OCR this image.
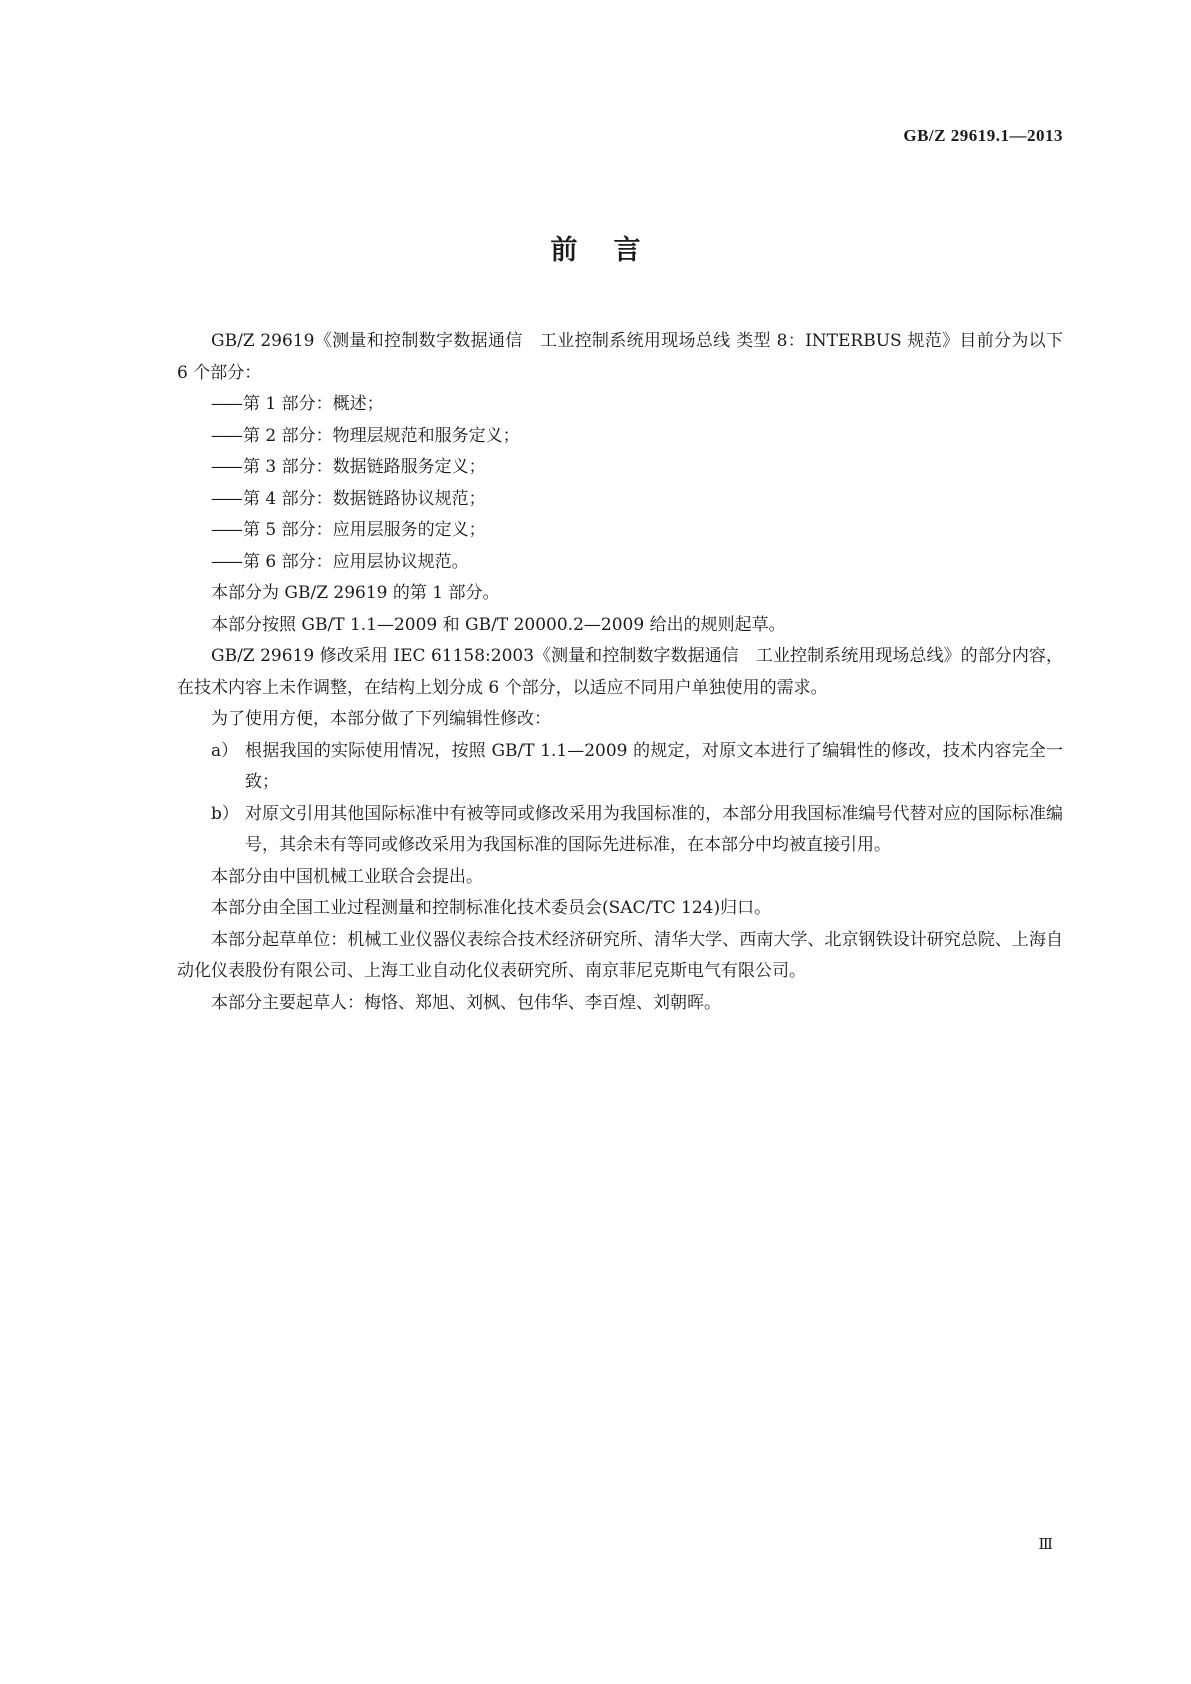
GB/Z 29619.1—2013
前言

GB/Z 29619《测量和控制数字数据通信　工业控制系统用现场总线 类型 8：INTERBUS 规范》目前分为以下 6 个部分：

—— 第 1 部分：概述；

—— 第 2 部分：物理层规范和服务定义；

—— 第 3 部分：数据链路服务定义；

—— 第 4 部分：数据链路协议规范；

—— 第 5 部分：应用层服务的定义；

—— 第 6 部分：应用层协议规范。

本部分为 GB/Z 29619 的第 1 部分。

本部分按照 GB/T 1.1—2009 和 GB/T 20000.2—2009 给出的规则起草。

GB/Z 29619 修改采用 IEC 61158:2003《测量和控制数字数据通信　工业控制系统用现场总线》的部分内容，在技术内容上未作调整，在结构上划分成 6 个部分，以适应不同用户单独使用的需求。

为了使用方便，本部分做了下列编辑性修改：

a） 根据我国的实际使用情况，按照 GB/T 1.1—2009 的规定，对原文本进行了编辑性的修改，技术内容完全一致；

b） 对原文引用其他国际标准中有被等同或修改采用为我国标准的，本部分用我国标准编号代替对应的国际标准编号，其余未有等同或修改采用为我国标准的国际先进标准，在本部分中均被直接引用。

本部分由中国机械工业联合会提出。

本部分由全国工业过程测量和控制标准化技术委员会(SAC/TC 124)归口。

本部分起草单位：机械工业仪器仪表综合技术经济研究所、清华大学、西南大学、北京钢铁设计研究总院、上海自动化仪表股份有限公司、上海工业自动化仪表研究所、南京菲尼克斯电气有限公司。

本部分主要起草人：梅恪、郑旭、刘枫、包伟华、李百煌、刘朝晖。

Ⅲ
